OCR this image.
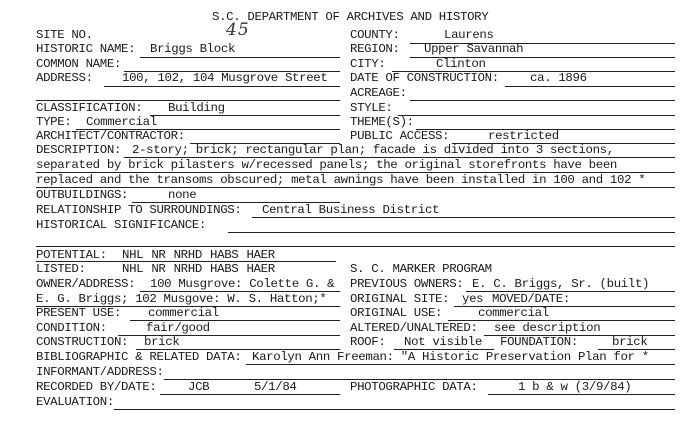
S.C. DEPARTMENT OF ARCHIVES AND HISTORY
SITE NO.	45	COUNTY:	Laurens
HISTORIC NAME: Briggs Block	REGION: Upper Savannah
COMMON NAME:	CITY:	Clinton
ADDRESS: 100, 102, 104 Musgrove Street DATE OF CONSTRUCTION:	ca. 1896
ACREAGE:
CLASSIFICATION: Building	STYLE:
TYPE: Commercial	THEME(S):
ARCHITECT/CONTRACTOR:	PUBLIC ACCESS:	restricted
DESCRIPTION: 2-story; brick; rectangular plan; facade is divided into 3 sections,
separated by brick pilasters w/recessed panels; the original storefronts have been
replaced and the transoms obscured; metal awnings have been installed in 100 and 102 *
OUTBUILDINGS:	none
RELATIONSHIP TO SURROUNDINGS: Central Business District
HISTORICAL SIGNIFICANCE:
POTENTIAL: NHL NR NRHD HABS HAER
LISTED:	NHL NR NRHD HABS HAER	S. C. MARKER PROGRAM
OWNER/ADDRESS: 100 Musgrove: Colette G. & PREVIOUS OWNERS: E. C. Briggs, Sr. (built)
E. G. Briggs; 102 Musgove: W. S. Hatton;* ORIGINAL SITE: yes MOVED/DATE:
PRESENT USE: commercial	ORIGINAL USE:	commercial
CONDITION:	fair/good	ALTERED/UNALTERED: see description
CONSTRUCTION: brick	ROOF: Not visible FOUNDATION:	brick
BIBLIOGRAPHIC & RELATED DATA: Karolyn Ann Freeman: "A Historic Preservation Plan for *
INFORMANT/ADDRESS:
RECORDED BY/DATE:	JCB	5/1/84	PHOTOGRAPHIC DATA:	1 b & w (3/9/84)
EVALUATION:
